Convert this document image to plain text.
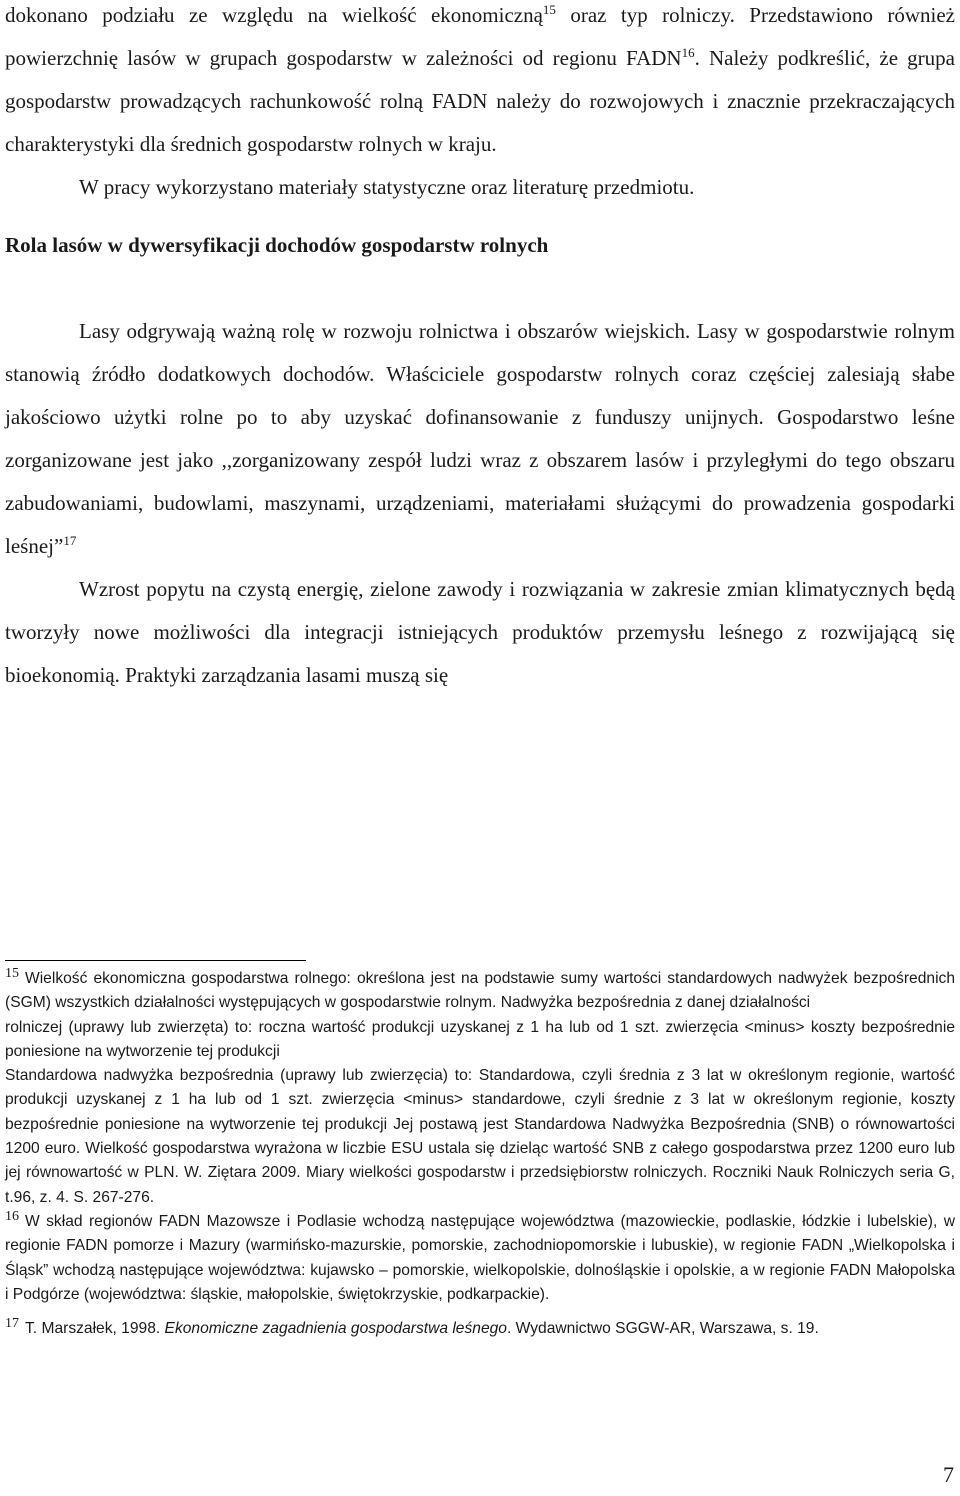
dokonano podziału ze względu na wielkość ekonomiczną$^{15}$ oraz typ rolniczy. Przedstawiono również powierzchnię lasów w grupach gospodarstw w zależności od regionu FADN$^{16}$. Należy podkreślić, że grupa gospodarstw prowadzących rachunkowość rolną FADN należy do rozwojowych i znacznie przekraczających charakterystyki dla średnich gospodarstw rolnych w kraju.

W pracy wykorzystano materiały statystyczne oraz literaturę przedmiotu.

Rola lasów w dywersyfikacji dochodów gospodarstw rolnych

Lasy odgrywają ważną rolę w rozwoju rolnictwa i obszarów wiejskich. Lasy w gospodarstwie rolnym stanowią źródło dodatkowych dochodów. Właściciele gospodarstw rolnych coraz częściej zalesiają słabe jakościowo użytki rolne po to aby uzyskać dofinansowanie z funduszy unijnych. Gospodarstwo leśne zorganizowane jest jako ,,zorganizowany zespół ludzi wraz z obszarem lasów i przyległymi do tego obszaru zabudowaniami, budowlami, maszynami, urządzeniami, materiałami służącymi do prowadzenia gospodarki leśnej”$^{17}$

Wzrost popytu na czystą energię, zielone zawody i rozwiązania w zakresie zmian klimatycznych będą tworzyły nowe możliwości dla integracji istniejących produktów przemysłu leśnego z rozwijającą się bioekonomią. Praktyki zarządzania lasami muszą się

15 Wielkość ekonomiczna gospodarstwa rolnego: określona jest na podstawie sumy wartości standardowych nadwyżek bezpośrednich (SGM) wszystkich działalności występujących w gospodarstwie rolnym. Nadwyżka bezpośrednia z danej działalności

rolniczej (uprawy lub zwierzęta) to: roczna wartość produkcji uzyskanej z 1 ha lub od 1 szt. zwierzęcia <minus> koszty bezpośrednie poniesione na wytworzenie tej produkcji

Standardowa nadwyżka bezpośrednia (uprawy lub zwierzęcia) to: Standardowa, czyli średnia z 3 lat w określonym regionie, wartość produkcji uzyskanej z 1 ha lub od 1 szt. zwierzęcia <minus> standardowe, czyli średnie z 3 lat w określonym regionie, koszty bezpośrednie poniesione na wytworzenie tej produkcji Jej postawą jest Standardowa Nadwyżka Bezpośrednia (SNB) o równowartości 1200 euro. Wielkość gospodarstwa wyrażona w liczbie ESU ustala się dzieląc wartość SNB z całego gospodarstwa przez 1200 euro lub jej równowartość w PLN. W. Ziętara 2009. Miary wielkości gospodarstw i przedsiębiorstw rolniczych. Roczniki Nauk Rolniczych seria G, t.96, z. 4. S. 267-276.

16 W skład regionów FADN Mazowsze i Podlasie wchodzą następujące województwa (mazowieckie, podlaskie, łódzkie i lubelskie), w regionie FADN pomorze i Mazury (warmińsko-mazurskie, pomorskie, zachodniopomorskie i lubuskie), w regionie FADN „Wielkopolska i Śląsk” wchodzą następujące województwa: kujawsko – pomorskie, wielkopolskie, dolnośląskie i opolskie, a w regionie FADN Małopolska i Podgórze (województwa: śląskie, małopolskie, świętokrzyskie, podkarpackie).

17 T. Marszałek, 1998. Ekonomiczne zagadnienia gospodarstwa leśnego. Wydawnictwo SGGW-AR, Warszawa, s. 19.

7
